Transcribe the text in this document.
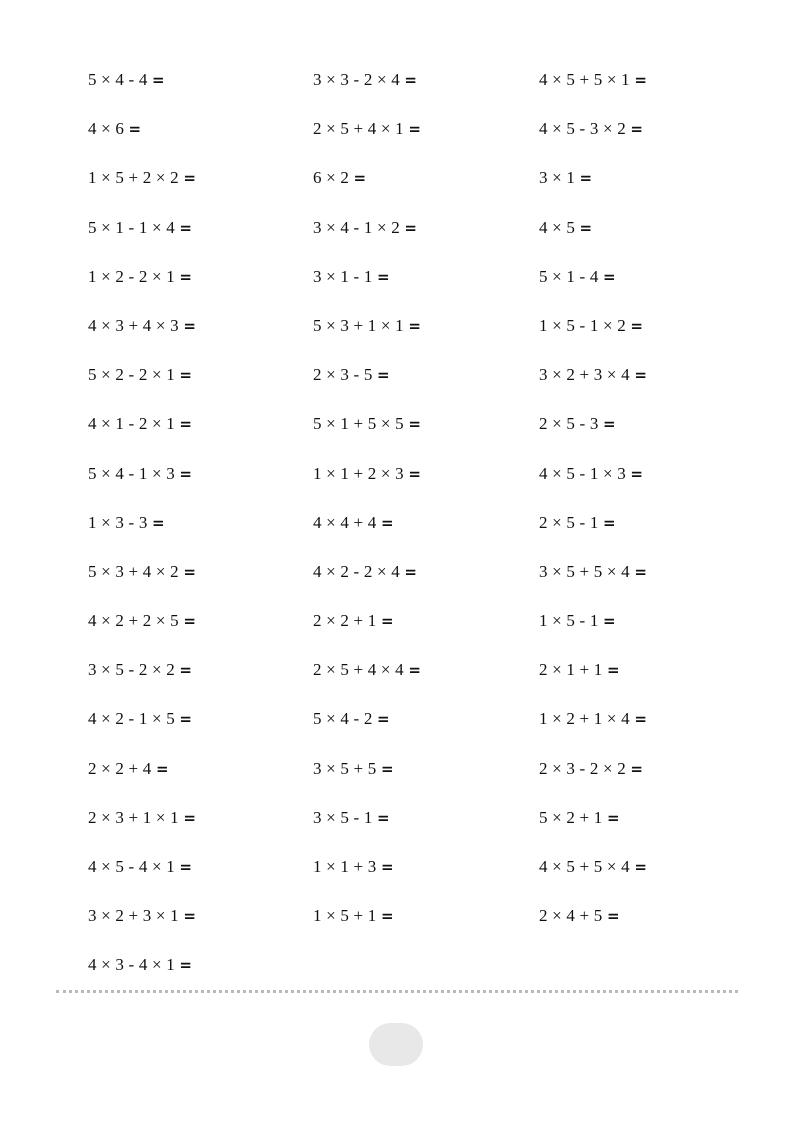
5 × 4 - 4 =	3 × 3 - 2 × 4 =	4 × 5 + 5 × 1 =
4 × 6 =	2 × 5 + 4 × 1 =	4 × 5 - 3 × 2 =
1 × 5 + 2 × 2 =	6 × 2 =	3 × 1 =
5 × 1 - 1 × 4 =	3 × 4 - 1 × 2 =	4 × 5 =
1 × 2 - 2 × 1 =	3 × 1 - 1 =	5 × 1 - 4 =
4 × 3 + 4 × 3 =	5 × 3 + 1 × 1 =	1 × 5 - 1 × 2 =
5 × 2 - 2 × 1 =	2 × 3 - 5 =	3 × 2 + 3 × 4 =
4 × 1 - 2 × 1 =	5 × 1 + 5 × 5 =	2 × 5 - 3 =
5 × 4 - 1 × 3 =	1 × 1 + 2 × 3 =	4 × 5 - 1 × 3 =
1 × 3 - 3 =	4 × 4 + 4 =	2 × 5 - 1 =
5 × 3 + 4 × 2 =	4 × 2 - 2 × 4 =	3 × 5 + 5 × 4 =
4 × 2 + 2 × 5 =	2 × 2 + 1 =	1 × 5 - 1 =
3 × 5 - 2 × 2 =	2 × 5 + 4 × 4 =	2 × 1 + 1 =
4 × 2 - 1 × 5 =	5 × 4 - 2 =	1 × 2 + 1 × 4 =
2 × 2 + 4 =	3 × 5 + 5 =	2 × 3 - 2 × 2 =
2 × 3 + 1 × 1 =	3 × 5 - 1 =	5 × 2 + 1 =
4 × 5 - 4 × 1 =	1 × 1 + 3 =	4 × 5 + 5 × 4 =
3 × 2 + 3 × 1 =	1 × 5 + 1 =	2 × 4 + 5 =
4 × 3 - 4 × 1 =
